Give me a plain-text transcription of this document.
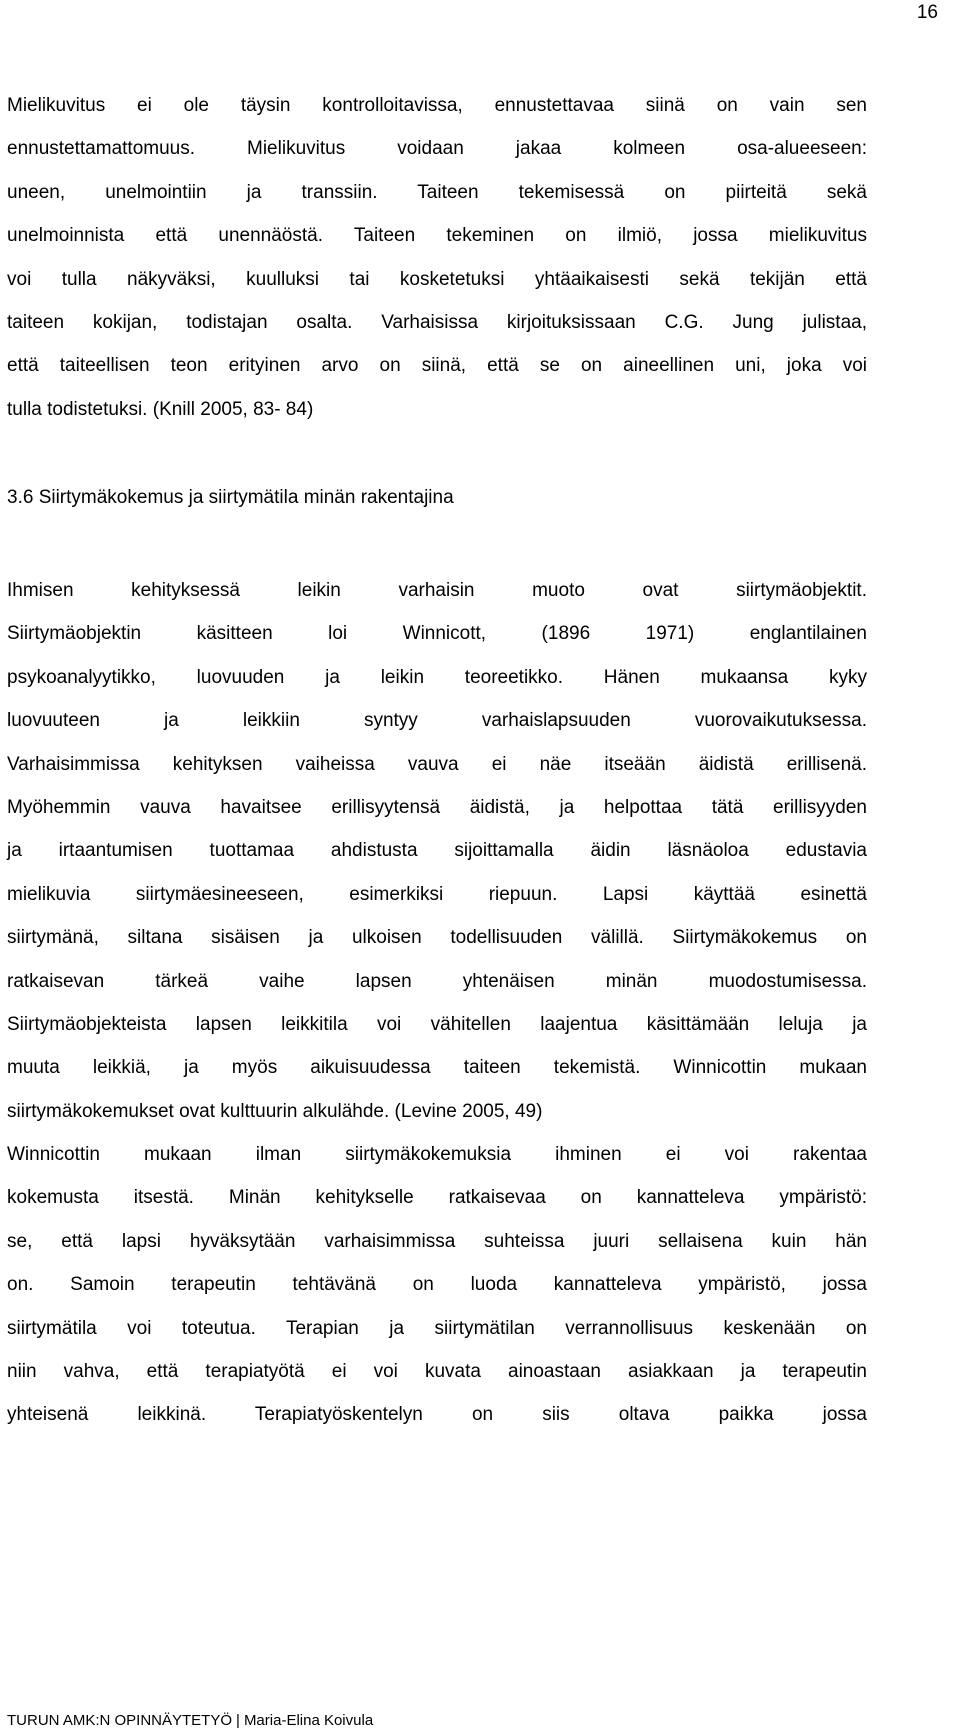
16
Mielikuvitus ei ole täysin kontrolloitavissa, ennustettavaa siinä on vain sen
ennustettamattomuus. Mielikuvitus voidaan jakaa kolmeen osa-alueeseen:
uneen, unelmointiin ja transsiin. Taiteen tekemisessä on piirteitä sekä
unelmoinnista että unennäöstä. Taiteen tekeminen on ilmiö, jossa mielikuvitus
voi tulla näkyväksi, kuulluksi tai kosketetuksi yhtäaikaisesti sekä tekijän että
taiteen kokijan, todistajan osalta. Varhaisissa kirjoituksissaan C.G. Jung julistaa,
että taiteellisen teon erityinen arvo on siinä, että se on aineellinen uni, joka voi
tulla todistetuksi. (Knill 2005, 83- 84)
3.6 Siirtymäkokemus ja siirtymätila minän rakentajina
Ihmisen kehityksessä leikin varhaisin muoto ovat siirtymäobjektit.
Siirtymäobjektin käsitteen loi Winnicott, (1896 1971) englantilainen
psykoanalyytikko, luovuuden ja leikin teoreetikko. Hänen mukaansa kyky
luovuuteen ja leikkiin syntyy varhaislapsuuden vuorovaikutuksessa.
Varhaisimmissa kehityksen vaiheissa vauva ei näe itseään äidistä erillisenä.
Myöhemmin vauva havaitsee erillisyytensä äidistä, ja helpottaa tätä erillisyyden
ja irtaantumisen tuottamaa ahdistusta sijoittamalla äidin läsnäoloa edustavia
mielikuvia siirtymäesineeseen, esimerkiksi riepuun. Lapsi käyttää esinettä
siirtymänä, siltana sisäisen ja ulkoisen todellisuuden välillä. Siirtymäkokemus on
ratkaisevan tärkeä vaihe lapsen yhtenäisen minän muodostumisessa.
Siirtymäobjekteista lapsen leikkitila voi vähitellen laajentua käsittämään leluja ja
muuta leikkiä, ja myös aikuisuudessa taiteen tekemistä. Winnicottin mukaan
siirtymäkokemukset ovat kulttuurin alkulähde. (Levine 2005, 49)
Winnicottin mukaan ilman siirtymäkokemuksia ihminen ei voi rakentaa
kokemusta itsestä. Minän kehitykselle ratkaisevaa on kannatteleva ympäristö:
se, että lapsi hyväksytään varhaisimmissa suhteissa juuri sellaisena kuin hän
on. Samoin terapeutin tehtävänä on luoda kannatteleva ympäristö, jossa
siirtymätila voi toteutua. Terapian ja siirtymätilan verrannollisuus keskenään on
niin vahva, että terapiatyötä ei voi kuvata ainoastaan asiakkaan ja terapeutin
yhteisenä leikkinä. Terapiatyöskentelyn on siis oltava paikka jossa
TURUN AMK:N OPINNÄYTETYÖ | Maria-Elina Koivula
